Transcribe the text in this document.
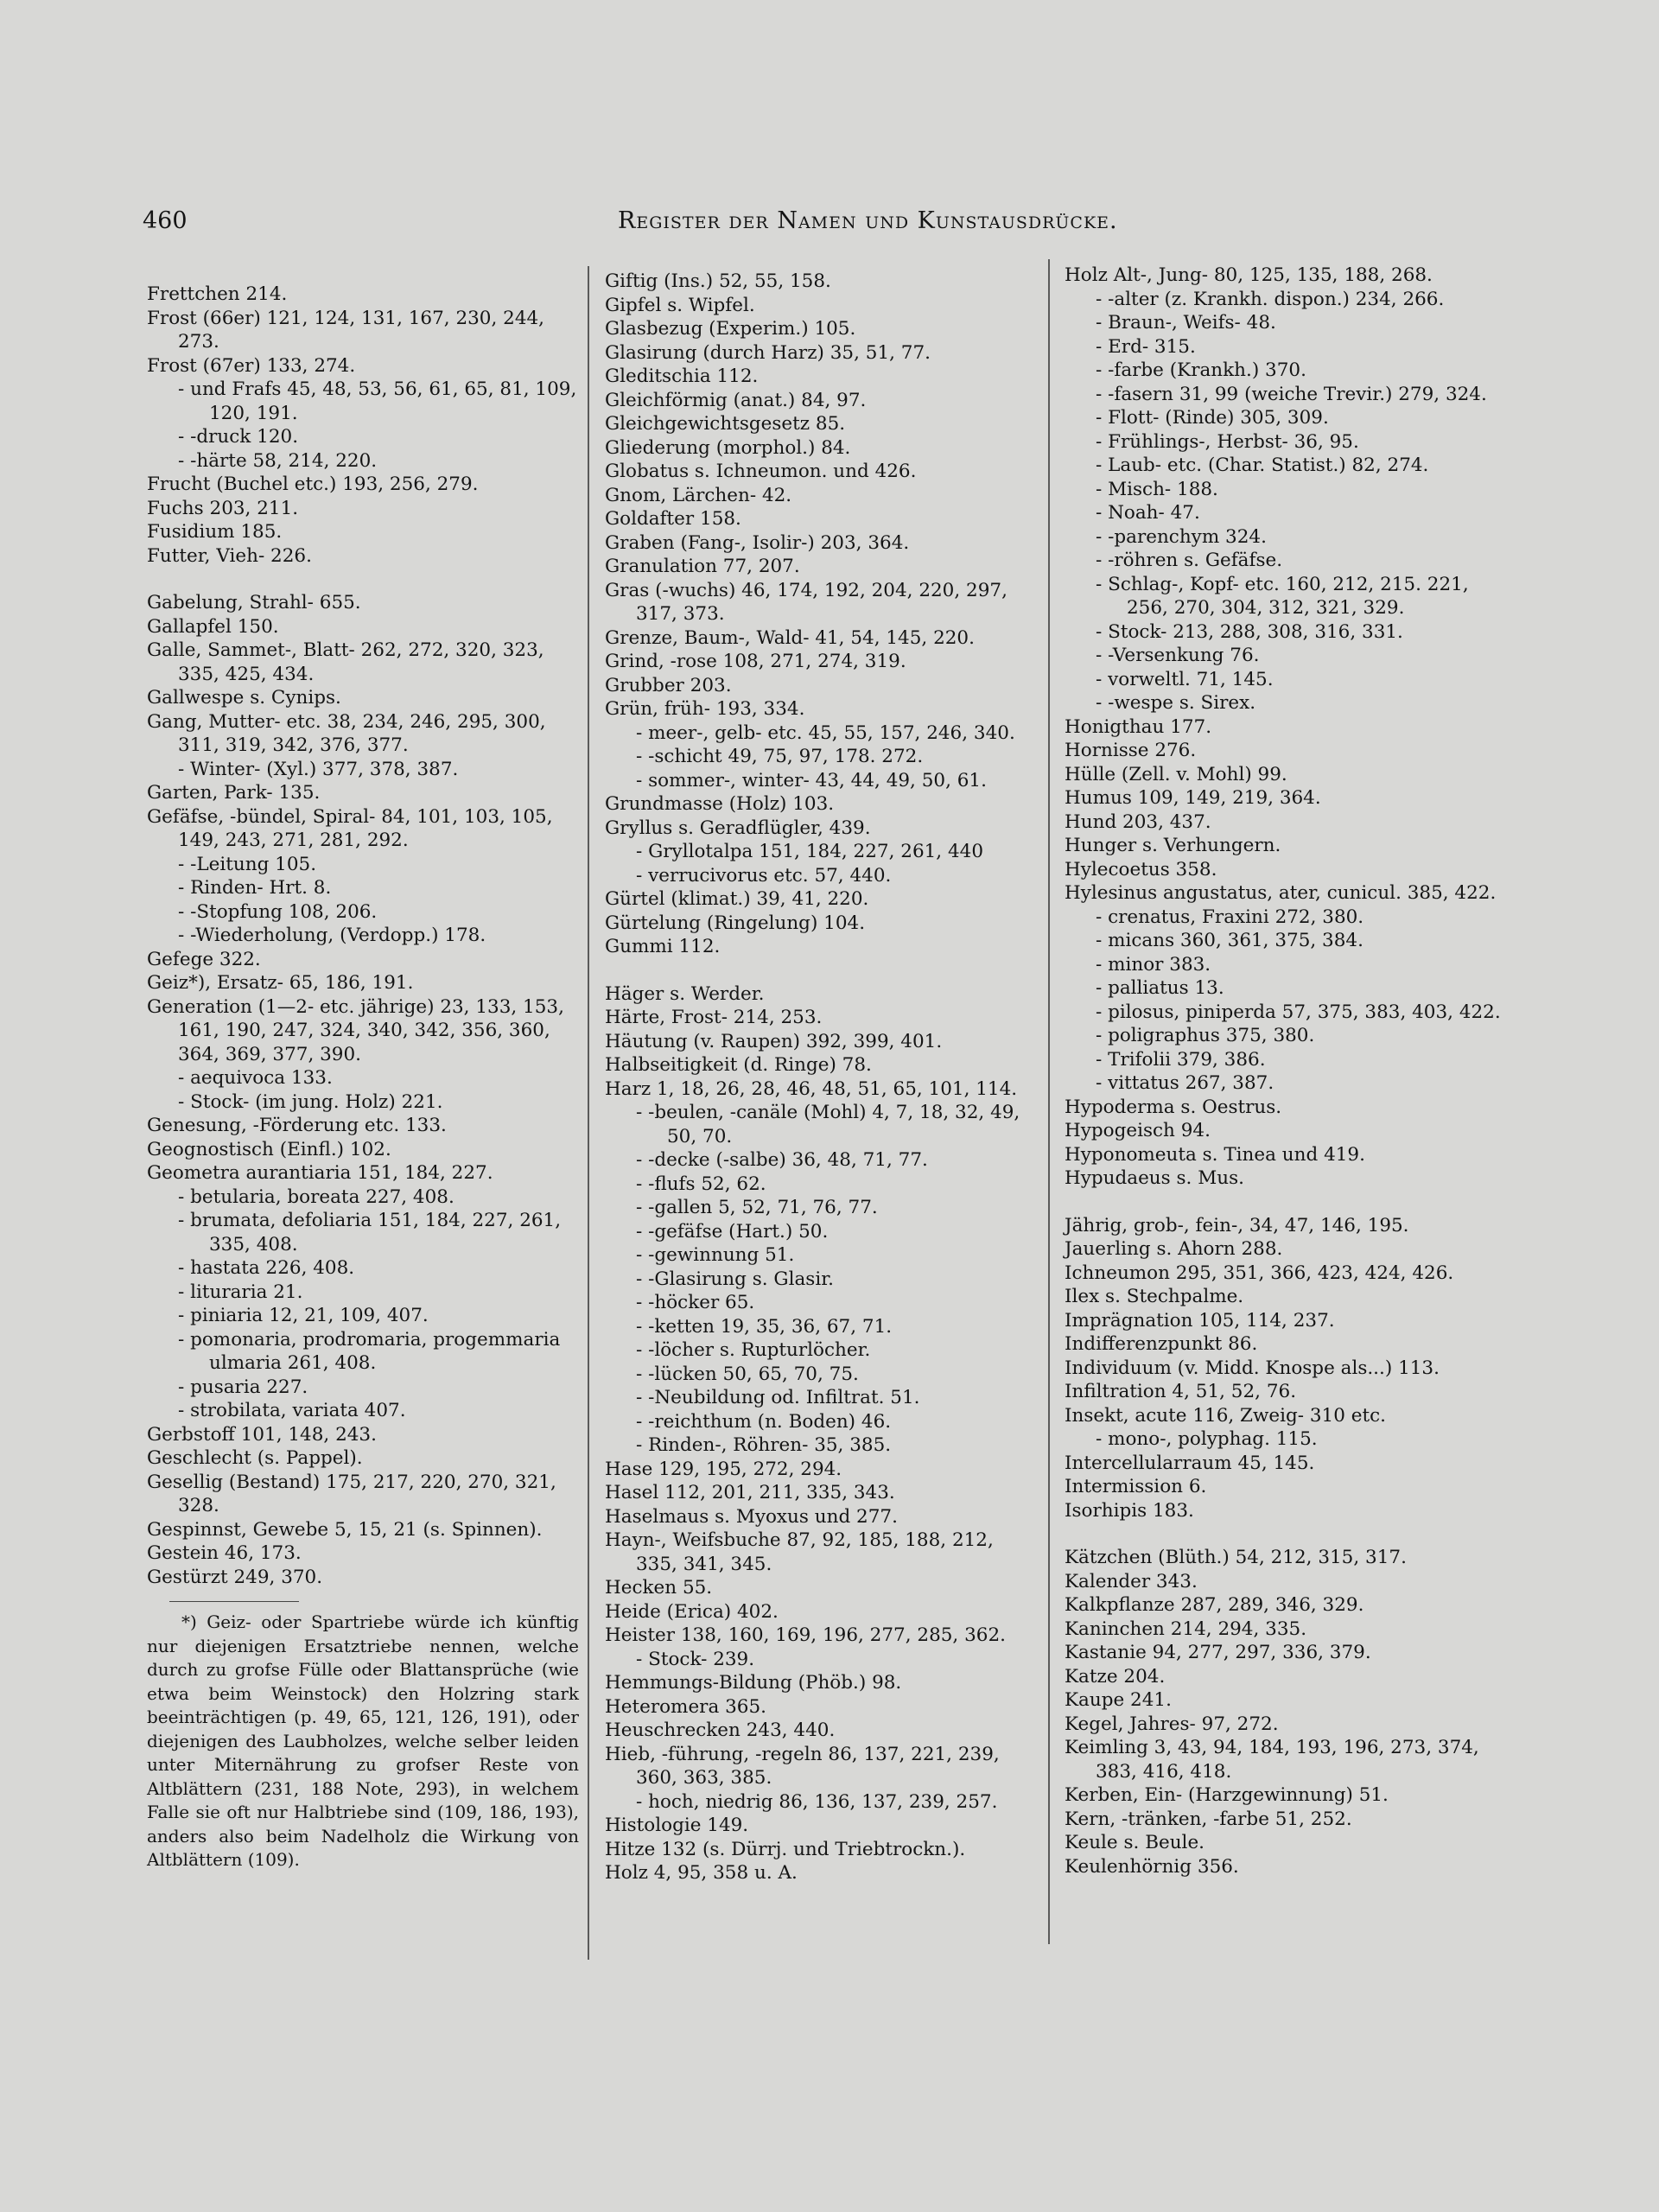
460	Register der Namen und Kunstausdrücke.
Frettchen 214.
Frost (66er) 121, 124, 131, 167, 230, 244, 273.
Frost (67er) 133, 274.
- und Frafs 45, 48, 53, 56, 61, 65, 81, 109, 120, 191.
- -druck 120.
- -härte 58, 214, 220.
Frucht (Buchel etc.) 193, 256, 279.
Fuchs 203, 211.
Fusidium 185.
Futter, Vieh- 226.
Gabelung, Strahl- 655.
Gallapfel 150.
Galle, Sammet-, Blatt- 262, 272, 320, 323, 335, 425, 434.
Gallwespe s. Cynips.
Gang, Mutter- etc. 38, 234, 246, 295, 300, 311, 319, 342, 376, 377.
- Winter- (Xyl.) 377, 378, 387.
Garten, Park- 135.
Gefäfse, -bündel, Spiral- 84, 101, 103, 105, 149, 243, 271, 281, 292.
- -Leitung 105.
- Rinden- Hrt. 8.
- -Stopfung 108, 206.
- -Wiederholung, (Verdopp.) 178.
Gefege 322.
Geiz*), Ersatz- 65, 186, 191.
Generation (1—2- etc. jährige) 23, 133, 153, 161, 190, 247, 324, 340, 342, 356, 360, 364, 369, 377, 390.
- aequivoca 133.
- Stock- (im jung. Holz) 221.
Genesung, -Förderung etc. 133.
Geognostisch (Einfl.) 102.
Geometra aurantiaria 151, 184, 227.
- betularia, boreata 227, 408.
- brumata, defoliaria 151, 184, 227, 261, 335, 408.
- hastata 226, 408.
- lituraria 21.
- piniaria 12, 21, 109, 407.
- pomonaria, prodromaria, progemmaria ulmaria 261, 408.
- pusaria 227.
- strobilata, variata 407.
Gerbstoff 101, 148, 243.
Geschlecht (s. Pappel).
Gesellig (Bestand) 175, 217, 220, 270, 321, 328.
Gespinnst, Gewebe 5, 15, 21 (s. Spinnen).
Gestein 46, 173.
Gestürzt 249, 370.
*) Geiz- oder Spartriebe würde ich künftig nur diejenigen Ersatztriebe nennen, welche durch zu grofse Fülle oder Blattansprüche (wie etwa beim Weinstock) den Holzring stark beeinträchtigen (p. 49, 65, 121, 126, 191), oder diejenigen des Laubholzes, welche selber leiden unter Miternährung zu grofser Reste von Altblättern (231, 188 Note, 293), in welchem Falle sie oft nur Halbtriebe sind (109, 186, 193), anders also beim Nadelholz die Wirkung von Altblättern (109).
Giftig (Ins.) 52, 55, 158.
Gipfel s. Wipfel.
Glasbezug (Experim.) 105.
Glasirung (durch Harz) 35, 51, 77.
Gleditschia 112.
Gleichförmig (anat.) 84, 97.
Gleichgewichtsgesetz 85.
Gliederung (morphol.) 84.
Globatus s. Ichneumon. und 426.
Gnom, Lärchen- 42.
Goldafter 158.
Graben (Fang-, Isolir-) 203, 364.
Granulation 77, 207.
Gras (-wuchs) 46, 174, 192, 204, 220, 297, 317, 373.
Grenze, Baum-, Wald- 41, 54, 145, 220.
Grind, -rose 108, 271, 274, 319.
Grubber 203.
Grün, früh- 193, 334.
- meer-, gelb- etc. 45, 55, 157, 246, 340.
- -schicht 49, 75, 97, 178. 272.
- sommer-, winter- 43, 44, 49, 50, 61.
Grundmasse (Holz) 103.
Gryllus s. Geradflügler, 439.
- Gryllotalpa 151, 184, 227, 261, 440
- verrucivorus etc. 57, 440.
Gürtel (klimat.) 39, 41, 220.
Gürtelung (Ringelung) 104.
Gummi 112.
Häger s. Werder.
Härte, Frost- 214, 253.
Häutung (v. Raupen) 392, 399, 401.
Halbseitigkeit (d. Ringe) 78.
Harz 1, 18, 26, 28, 46, 48, 51, 65, 101, 114.
- -beulen, -canäle (Mohl) 4, 7, 18, 32, 49, 50, 70.
- -decke (-salbe) 36, 48, 71, 77.
- -flufs 52, 62.
- -gallen 5, 52, 71, 76, 77.
- -gefäfse (Hart.) 50.
- -gewinnung 51.
- -Glasirung s. Glasir.
- -höcker 65.
- -ketten 19, 35, 36, 67, 71.
- -löcher s. Rupturlöcher.
- -lücken 50, 65, 70, 75.
- -Neubildung od. Infiltrat. 51.
- -reichthum (n. Boden) 46.
- Rinden-, Röhren- 35, 385.
Hase 129, 195, 272, 294.
Hasel 112, 201, 211, 335, 343.
Haselmaus s. Myoxus und 277.
Hayn-, Weifsbuche 87, 92, 185, 188, 212, 335, 341, 345.
Hecken 55.
Heide (Erica) 402.
Heister 138, 160, 169, 196, 277, 285, 362.
- Stock- 239.
Hemmungs-Bildung (Phöb.) 98.
Heteromera 365.
Heuschrecken 243, 440.
Hieb, -führung, -regeln 86, 137, 221, 239, 360, 363, 385.
- hoch, niedrig 86, 136, 137, 239, 257.
Histologie 149.
Hitze 132 (s. Dürrj. und Triebtrockn.).
Holz 4, 95, 358 u. A.
Holz Alt-, Jung- 80, 125, 135, 188, 268.
- -alter (z. Krankh. dispon.) 234, 266.
- Braun-, Weifs- 48.
- Erd- 315.
- -farbe (Krankh.) 370.
- -fasern 31, 99 (weiche Trevir.) 279, 324.
- Flott- (Rinde) 305, 309.
- Frühlings-, Herbst- 36, 95.
- Laub- etc. (Char. Statist.) 82, 274.
- Misch- 188.
- Noah- 47.
- -parenchym 324.
- -röhren s. Gefäfse.
- Schlag-, Kopf- etc. 160, 212, 215. 221, 256, 270, 304, 312, 321, 329.
- Stock- 213, 288, 308, 316, 331.
- -Versenkung 76.
- vorweltl. 71, 145.
- -wespe s. Sirex.
Honigthau 177.
Hornisse 276.
Hülle (Zell. v. Mohl) 99.
Humus 109, 149, 219, 364.
Hund 203, 437.
Hunger s. Verhungern.
Hylecoetus 358.
Hylesinus angustatus, ater, cunicul. 385, 422.
- crenatus, Fraxini 272, 380.
- micans 360, 361, 375, 384.
- minor 383.
- palliatus 13.
- pilosus, piniperda 57, 375, 383, 403, 422.
- poligraphus 375, 380.
- Trifolii 379, 386.
- vittatus 267, 387.
Hypoderma s. Oestrus.
Hypogeisch 94.
Hyponomeuta s. Tinea und 419.
Hypudaeus s. Mus.
Jährig, grob-, fein-, 34, 47, 146, 195.
Jauerling s. Ahorn 288.
Ichneumon 295, 351, 366, 423, 424, 426.
Ilex s. Stechpalme.
Imprägnation 105, 114, 237.
Indifferenzpunkt 86.
Individuum (v. Midd. Knospe als...) 113.
Infiltration 4, 51, 52, 76.
Insekt, acute 116, Zweig- 310 etc.
- mono-, polyphag. 115.
Intercellularraum 45, 145.
Intermission 6.
Isorhipis 183.
Kätzchen (Blüth.) 54, 212, 315, 317.
Kalender 343.
Kalkpflanze 287, 289, 346, 329.
Kaninchen 214, 294, 335.
Kastanie 94, 277, 297, 336, 379.
Katze 204.
Kaupe 241.
Kegel, Jahres- 97, 272.
Keimling 3, 43, 94, 184, 193, 196, 273, 374, 383, 416, 418.
Kerben, Ein- (Harzgewinnung) 51.
Kern, -tränken, -farbe 51, 252.
Keule s. Beule.
Keulenhörnig 356.
